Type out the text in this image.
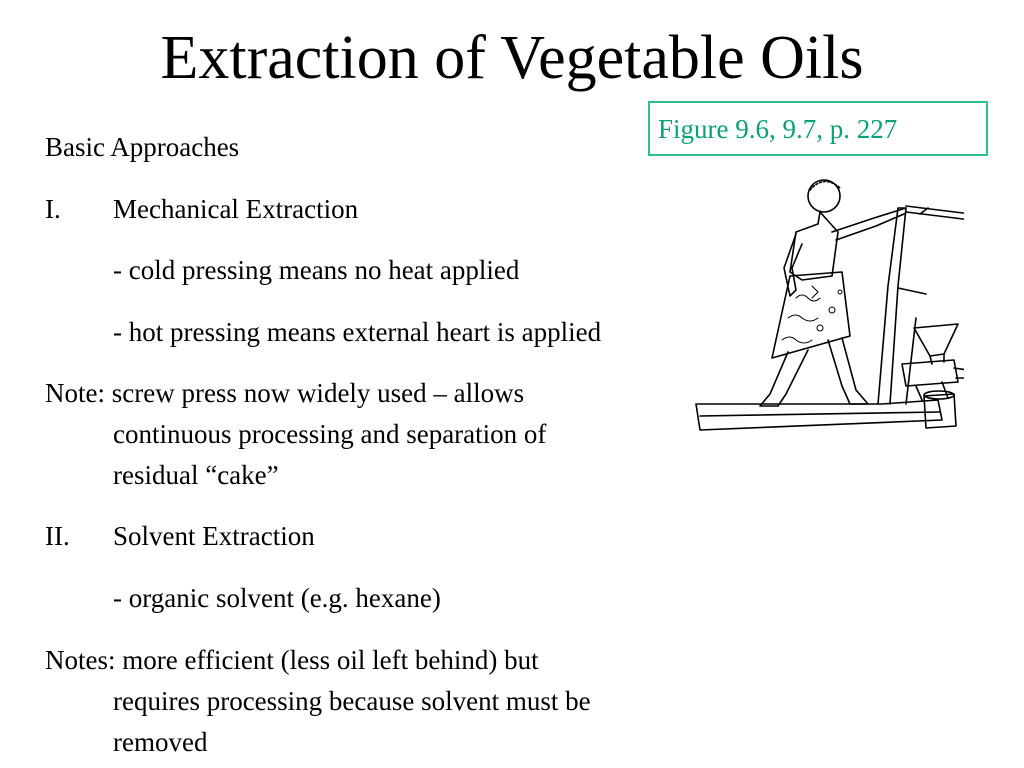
Extraction of Vegetable Oils
Figure 9.6, 9.7, p. 227
Basic Approaches
I. Mechanical Extraction
- cold pressing means no heat applied
- hot pressing means external heart is applied
Note: screw press now widely used – allows
continuous processing and separation of
residual “cake”
II. Solvent Extraction
- organic solvent (e.g. hexane)
Notes: more efficient (less oil left behind) but
requires processing because solvent must be
removed
